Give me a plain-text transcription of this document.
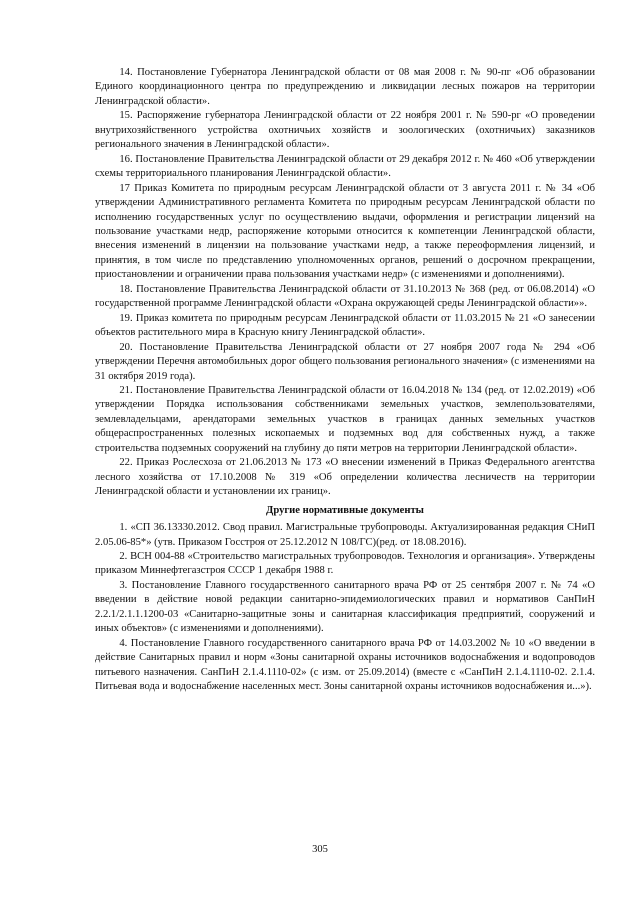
14. Постановление Губернатора Ленинградской области от 08 мая 2008 г. № 90-пг «Об образовании Единого координационного центра по предупреждению и ликвидации лесных пожаров на территории Ленинградской области».

15. Распоряжение губернатора Ленинградской области от 22 ноября 2001 г. № 590-рг «О проведении внутрихозяйственного устройства охотничьих хозяйств и зоологических (охотничьих) заказников регионального значения в Ленинградской области».

16. Постановление Правительства Ленинградской области от 29 декабря 2012 г. № 460 «Об утверждении схемы территориального планирования Ленинградской области».

17 Приказ Комитета по природным ресурсам Ленинградской области от 3 августа 2011 г. № 34 «Об утверждении Административного регламента Комитета по природным ресурсам Ленинградской области по исполнению государственных услуг по осуществлению выдачи, оформления и регистрации лицензий на пользование участками недр, распоряжение которыми относится к компетенции Ленинградской области, внесения изменений в лицензии на пользование участками недр, а также переоформления лицензий, и принятия, в том числе по представлению уполномоченных органов, решений о досрочном прекращении, приостановлении и ограничении права пользования участками недр» (с изменениями и дополнениями).

18. Постановление Правительства Ленинградской области от 31.10.2013 № 368 (ред. от 06.08.2014) «О государственной программе Ленинградской области «Охрана окружающей среды Ленинградской области»».

19. Приказ комитета по природным ресурсам Ленинградской области от 11.03.2015 № 21 «О занесении объектов растительного мира в Красную книгу Ленинградской области».

20. Постановление Правительства Ленинградской области от 27 ноября 2007 года № 294 «Об утверждении Перечня автомобильных дорог общего пользования регионального значения» (с изменениями на 31 октября 2019 года).

21. Постановление Правительства Ленинградской области от 16.04.2018 № 134 (ред. от 12.02.2019) «Об утверждении Порядка использования собственниками земельных участков, землепользователями, землевладельцами, арендаторами земельных участков в границах данных земельных участков общераспространенных полезных ископаемых и подземных вод для собственных нужд, а также строительства подземных сооружений на глубину до пяти метров на территории Ленинградской области».

22. Приказ Рослесхоза от 21.06.2013 № 173 «О внесении изменений в Приказ Федерального агентства лесного хозяйства от 17.10.2008 № 319 «Об определении количества лесничеств на территории Ленинградской области и установлении их границ».

Другие нормативные документы

1. «СП 36.13330.2012. Свод правил. Магистральные трубопроводы. Актуализированная редакция СНиП 2.05.06-85*» (утв. Приказом Госстроя от 25.12.2012 N 108/ГС)(ред. от 18.08.2016).

2. ВСН 004-88 «Строительство магистральных трубопроводов. Технология и организация». Утверждены приказом Миннефтегазстроя СССР 1 декабря 1988 г.

3. Постановление Главного государственного санитарного врача РФ от 25 сентября 2007 г. № 74 «О введении в действие новой редакции санитарно-эпидемиологических правил и нормативов СанПиН 2.2.1/2.1.1.1200-03 «Санитарно-защитные зоны и санитарная классификация предприятий, сооружений и иных объектов» (с изменениями и дополнениями).

4. Постановление Главного государственного санитарного врача РФ от 14.03.2002 № 10 «О введении в действие Санитарных правил и норм «Зоны санитарной охраны источников водоснабжения и водопроводов питьевого назначения. СанПиН 2.1.4.1110-02» (с изм. от 25.09.2014) (вместе с «СанПиН 2.1.4.1110-02. 2.1.4. Питьевая вода и водоснабжение населенных мест. Зоны санитарной охраны источников водоснабжения и...»).

305
